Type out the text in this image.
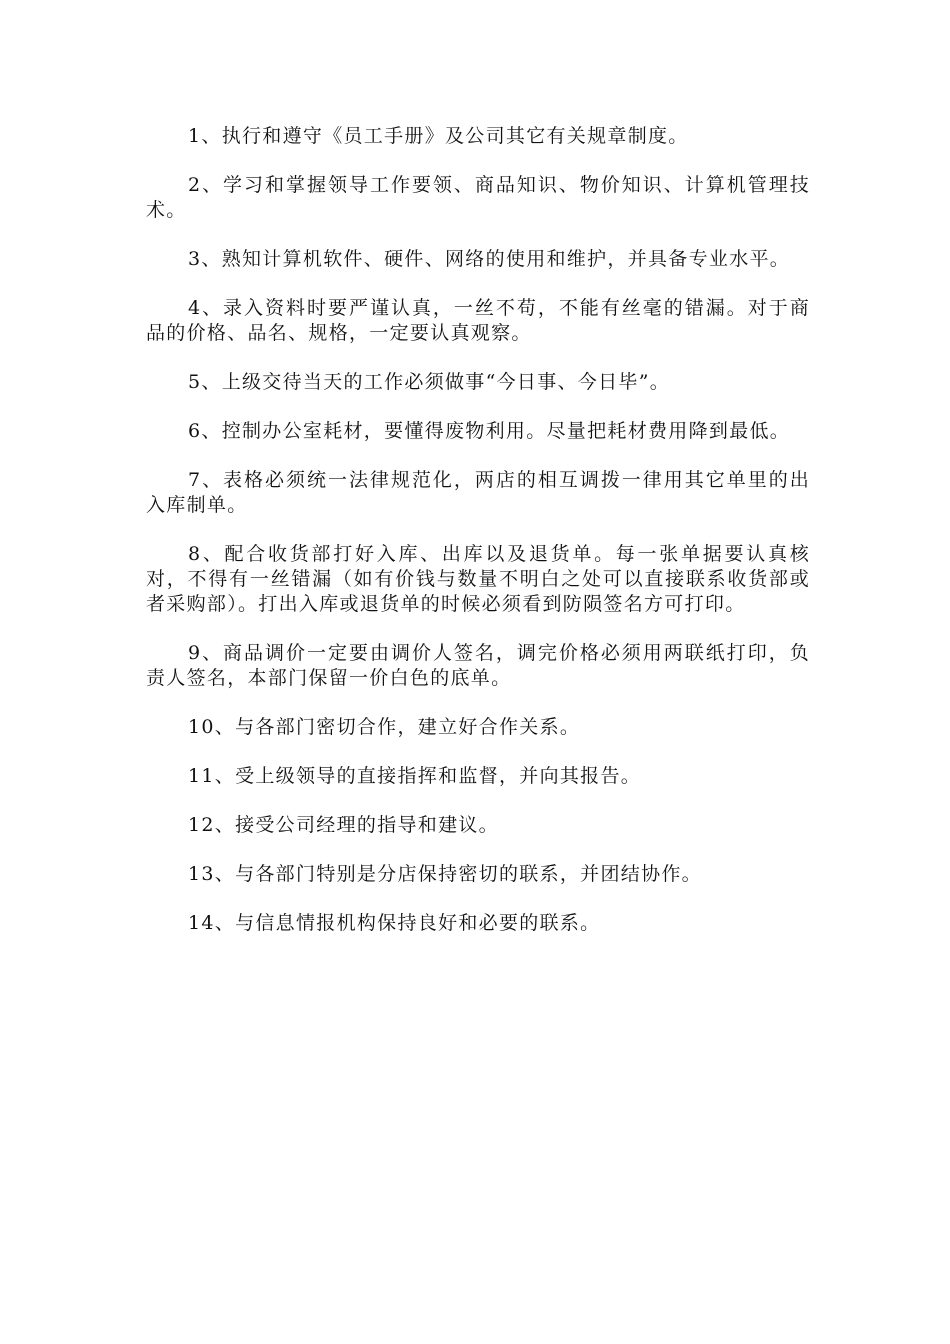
1、执行和遵守《员工手册》及公司其它有关规章制度。

2、学习和掌握领导工作要领、商品知识、物价知识、计算机管理技术。

3、熟知计算机软件、硬件、网络的使用和维护，并具备专业水平。

4、录入资料时要严谨认真，一丝不苟，不能有丝毫的错漏。对于商品的价格、品名、规格，一定要认真观察。

5、上级交待当天的工作必须做事“今日事、今日毕”。

6、控制办公室耗材，要懂得废物利用。尽量把耗材费用降到最低。

7、表格必须统一法律规范化，两店的相互调拨一律用其它单里的出入库制单。

8、配合收货部打好入库、出库以及退货单。每一张单据要认真核对，不得有一丝错漏（如有价钱与数量不明白之处可以直接联系收货部或者采购部）。打出入库或退货单的时候必须看到防陨签名方可打印。

9、商品调价一定要由调价人签名，调完价格必须用两联纸打印，负责人签名，本部门保留一价白色的底单。

10、与各部门密切合作，建立好合作关系。

11、受上级领导的直接指挥和监督，并向其报告。

12、接受公司经理的指导和建议。

13、与各部门特别是分店保持密切的联系，并团结协作。

14、与信息情报机构保持良好和必要的联系。
